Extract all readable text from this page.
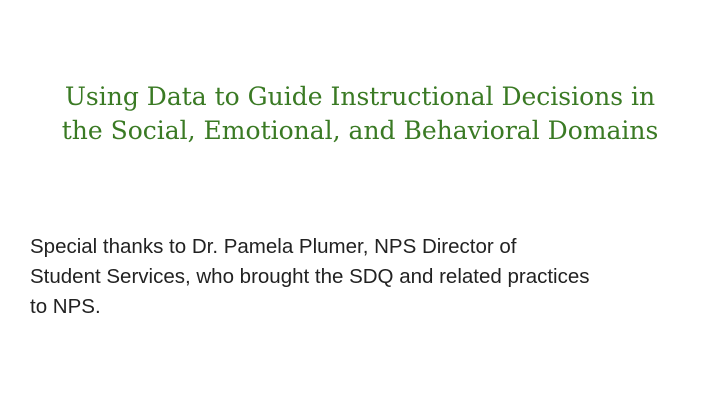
Using Data to Guide Instructional Decisions in
the Social, Emotional, and Behavioral Domains

Special thanks to Dr. Pamela Plumer, NPS Director of
Student Services, who brought the SDQ and related practices
to NPS.
